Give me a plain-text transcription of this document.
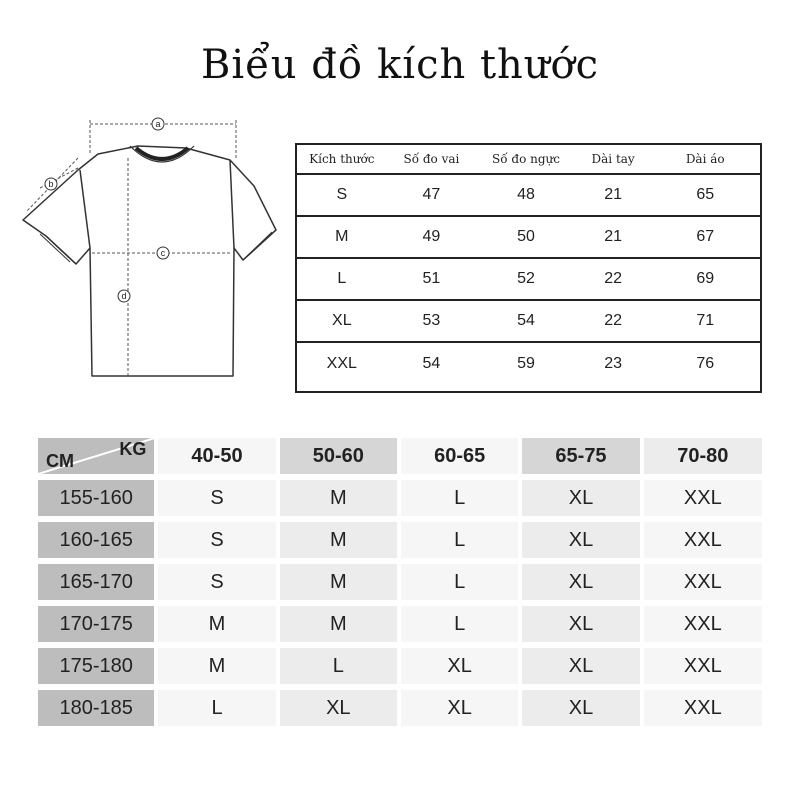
Biểu đồ kích thước
a
b
c
d
Kích thước	Số đo vai	Số đo ngực	Dài tay	Dài áo
S	47	48	21	65
M	49	50	21	67
L	51	52	22	69
XL	53	54	22	71
XXL	54	59	23	76
KG
CM	40-50	50-60	60-65	65-75	70-80
155-160	S	M	L	XL	XXL
160-165	S	M	L	XL	XXL
165-170	S	M	L	XL	XXL
170-175	M	M	L	XL	XXL
175-180	M	L	XL	XL	XXL
180-185	L	XL	XL	XL	XXL
